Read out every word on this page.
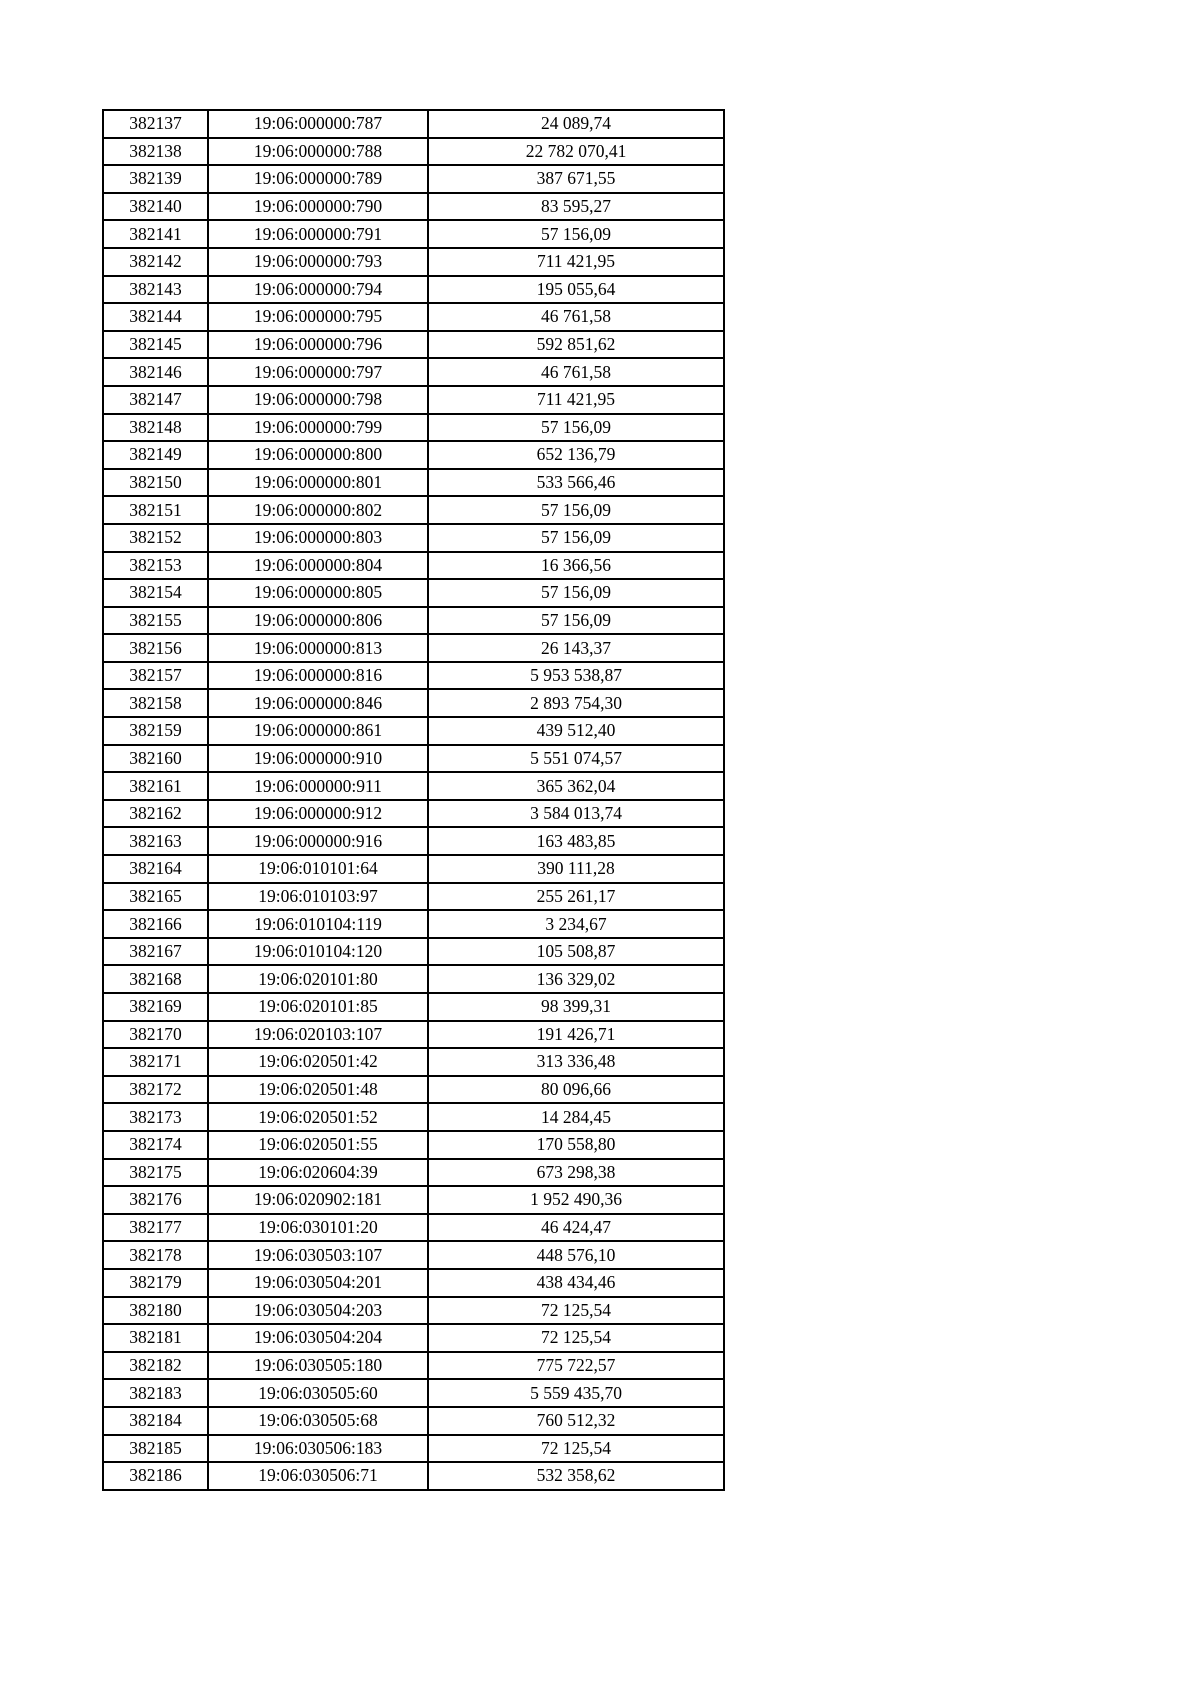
382137	19:06:000000:787	24 089,74
382138	19:06:000000:788	22 782 070,41
382139	19:06:000000:789	387 671,55
382140	19:06:000000:790	83 595,27
382141	19:06:000000:791	57 156,09
382142	19:06:000000:793	711 421,95
382143	19:06:000000:794	195 055,64
382144	19:06:000000:795	46 761,58
382145	19:06:000000:796	592 851,62
382146	19:06:000000:797	46 761,58
382147	19:06:000000:798	711 421,95
382148	19:06:000000:799	57 156,09
382149	19:06:000000:800	652 136,79
382150	19:06:000000:801	533 566,46
382151	19:06:000000:802	57 156,09
382152	19:06:000000:803	57 156,09
382153	19:06:000000:804	16 366,56
382154	19:06:000000:805	57 156,09
382155	19:06:000000:806	57 156,09
382156	19:06:000000:813	26 143,37
382157	19:06:000000:816	5 953 538,87
382158	19:06:000000:846	2 893 754,30
382159	19:06:000000:861	439 512,40
382160	19:06:000000:910	5 551 074,57
382161	19:06:000000:911	365 362,04
382162	19:06:000000:912	3 584 013,74
382163	19:06:000000:916	163 483,85
382164	19:06:010101:64	390 111,28
382165	19:06:010103:97	255 261,17
382166	19:06:010104:119	3 234,67
382167	19:06:010104:120	105 508,87
382168	19:06:020101:80	136 329,02
382169	19:06:020101:85	98 399,31
382170	19:06:020103:107	191 426,71
382171	19:06:020501:42	313 336,48
382172	19:06:020501:48	80 096,66
382173	19:06:020501:52	14 284,45
382174	19:06:020501:55	170 558,80
382175	19:06:020604:39	673 298,38
382176	19:06:020902:181	1 952 490,36
382177	19:06:030101:20	46 424,47
382178	19:06:030503:107	448 576,10
382179	19:06:030504:201	438 434,46
382180	19:06:030504:203	72 125,54
382181	19:06:030504:204	72 125,54
382182	19:06:030505:180	775 722,57
382183	19:06:030505:60	5 559 435,70
382184	19:06:030505:68	760 512,32
382185	19:06:030506:183	72 125,54
382186	19:06:030506:71	532 358,62
